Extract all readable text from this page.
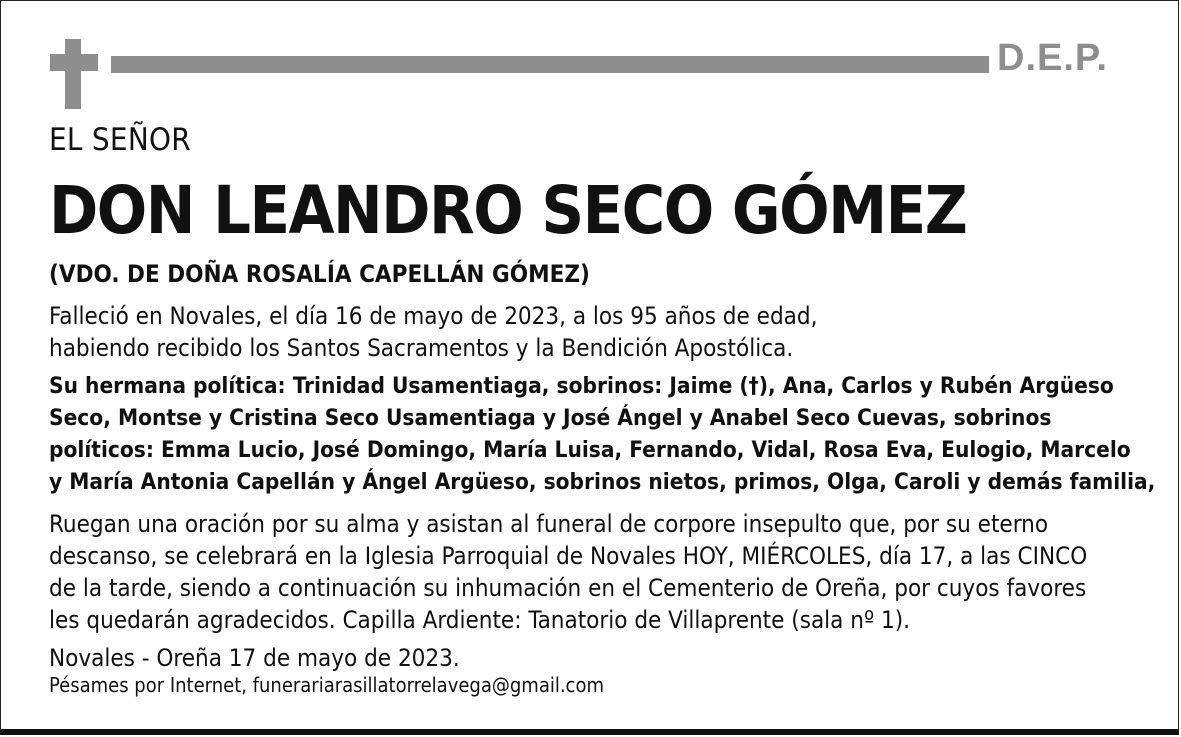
D.E.P.
EL SEÑOR
DON LEANDRO SECO GÓMEZ
(VDO. DE DOÑA ROSALÍA CAPELLÁN GÓMEZ)
Falleció en Novales, el día 16 de mayo de 2023, a los 95 años de edad,
habiendo recibido los Santos Sacramentos y la Bendición Apostólica.
Su hermana política: Trinidad Usamentiaga, sobrinos: Jaime (†), Ana, Carlos y Rubén Argüeso
Seco, Montse y Cristina Seco Usamentiaga y José Ángel y Anabel Seco Cuevas, sobrinos
políticos: Emma Lucio, José Domingo, María Luisa, Fernando, Vidal, Rosa Eva, Eulogio, Marcelo
y María Antonia Capellán y Ángel Argüeso, sobrinos nietos, primos, Olga, Caroli y demás familia,
Ruegan una oración por su alma y asistan al funeral de corpore insepulto que, por su eterno
descanso, se celebrará en la Iglesia Parroquial de Novales HOY, MIÉRCOLES, día 17, a las CINCO
de la tarde, siendo a continuación su inhumación en el Cementerio de Oreña, por cuyos favores
les quedarán agradecidos. Capilla Ardiente: Tanatorio de Villaprente (sala nº 1).
Novales - Oreña 17 de mayo de 2023.
Pésames por Internet, funerariarasillatorrelavega@gmail.com
